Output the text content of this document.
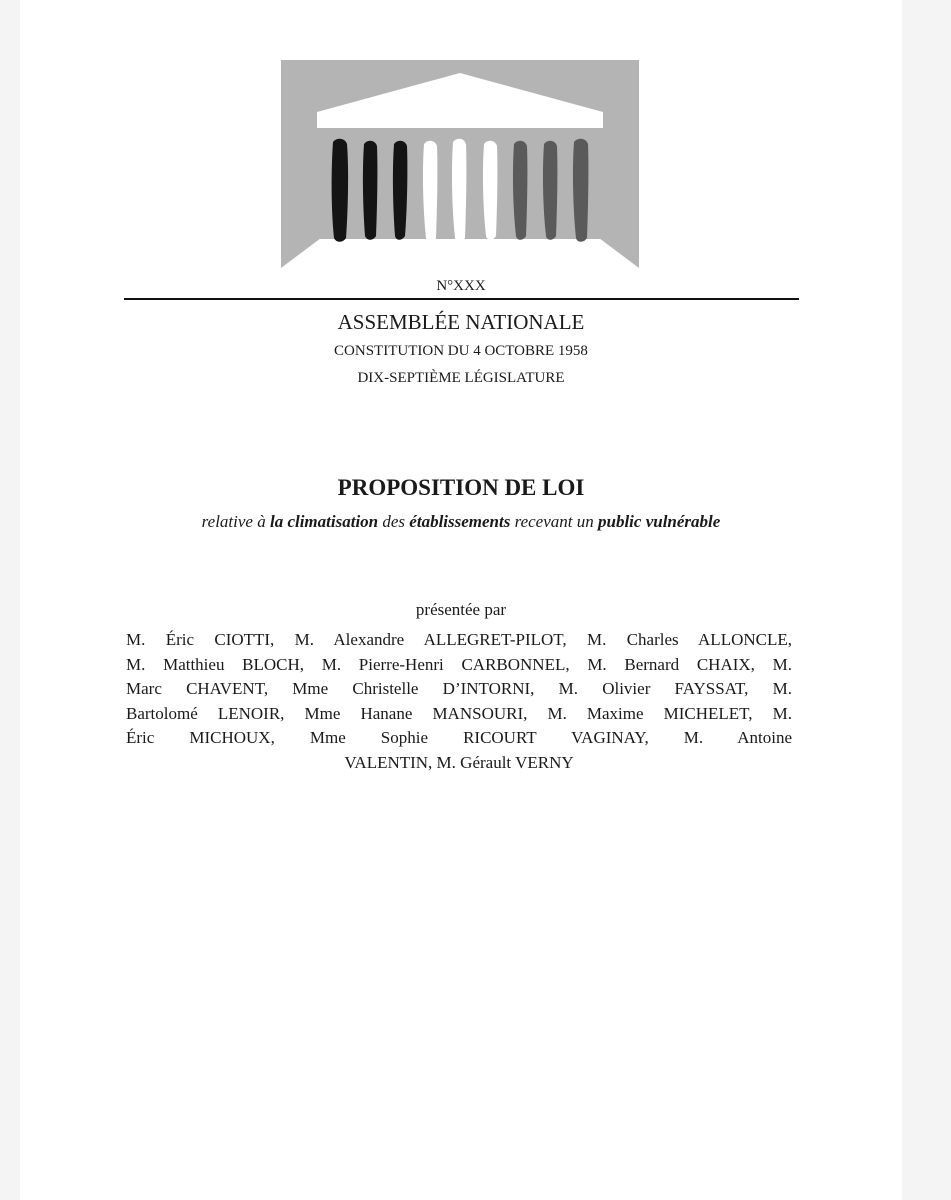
N°XXX
ASSEMBLÉE NATIONALE
CONSTITUTION DU 4 OCTOBRE 1958
DIX-SEPTIÈME LÉGISLATURE
PROPOSITION DE LOI
relative à la climatisation des établissements recevant un public vulnérable
présentée par
M. Éric CIOTTI, M. Alexandre ALLEGRET-PILOT, M. Charles ALLONCLE,
M. Matthieu BLOCH, M. Pierre-Henri CARBONNEL, M. Bernard CHAIX, M.
Marc CHAVENT, Mme Christelle D’INTORNI, M. Olivier FAYSSAT, M.
Bartolomé LENOIR, Mme Hanane MANSOURI, M. Maxime MICHELET, M.
Éric MICHOUX, Mme Sophie RICOURT VAGINAY, M. Antoine
VALENTIN, M. Gérault VERNY
